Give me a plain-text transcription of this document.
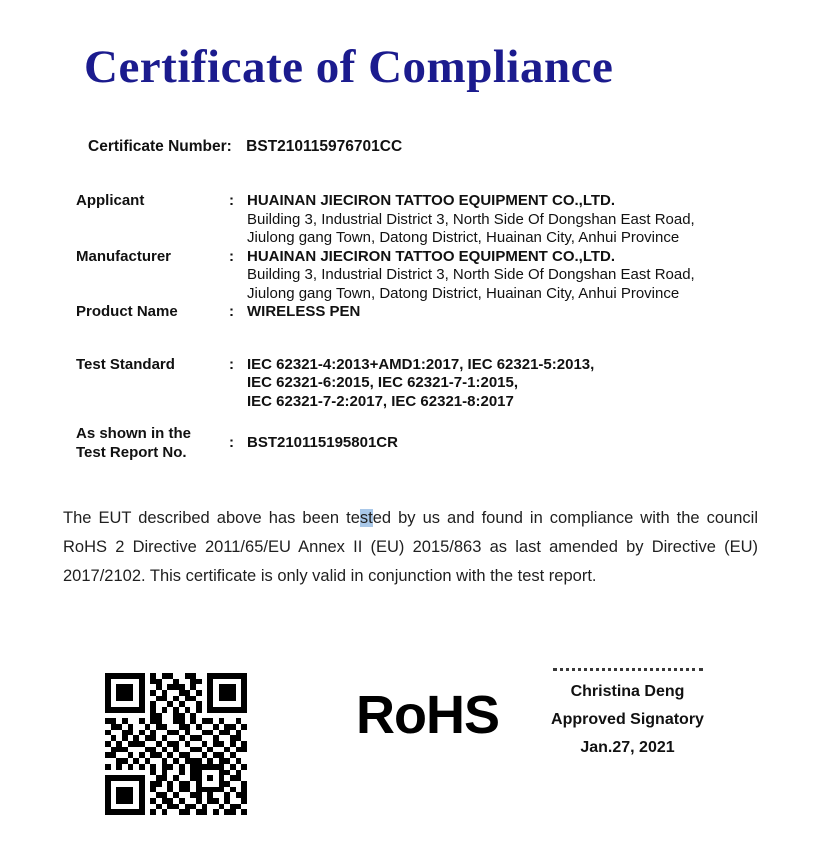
Certificate of Compliance
Certificate Number: BST210115976701CC
Applicant	: HUAINAN JIECIRON TATTOO EQUIPMENT CO.,LTD.
Building 3, Industrial District 3, North Side Of Dongshan East Road,
Jiulong gang Town, Datong District, Huainan City, Anhui Province
Manufacturer	: HUAINAN JIECIRON TATTOO EQUIPMENT CO.,LTD.
Building 3, Industrial District 3, North Side Of Dongshan East Road,
Jiulong gang Town, Datong District, Huainan City, Anhui Province
Product Name	: WIRELESS PEN
Test Standard	: IEC 62321-4:2013+AMD1:2017, IEC 62321-5:2013,
IEC 62321-6:2015, IEC 62321-7-1:2015,
IEC 62321-7-2:2017, IEC 62321-8:2017
As shown in the
Test Report No.
: BST210115195801CR

The EUT described above has been tested by us and found in compliance with the council RoHS 2 Directive 2011/65/EU Annex II (EU) 2015/863 as last amended by Directive (EU) 2017/2102. This certificate is only valid in conjunction with the test report.

RoHS	Christina Deng
Approved Signatory
Jan.27, 2021
